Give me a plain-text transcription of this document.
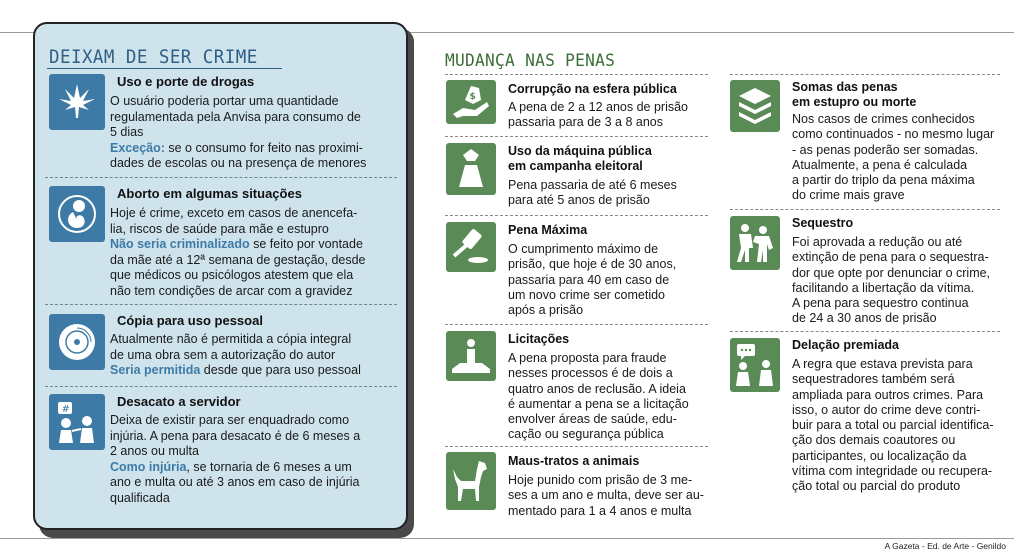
DEIXAM DE SER CRIME
Uso e porte de drogas
O usuário poderia portar uma quantidade
regulamentada pela Anvisa para consumo de
5 dias
Exceção: se o consumo for feito nas proximi-
dades de escolas ou na presença de menores
Aborto em algumas situações
Hoje é crime, exceto em casos de anencefa-
lia, riscos de saúde para mãe e estupro
Não seria criminalizado se feito por vontade
da mãe até a 12ª semana de gestação, desde
que médicos ou psicólogos atestem que ela
não tem condições de arcar com a gravidez
Cópia para uso pessoal
Atualmente não é permitida a cópia integral
de uma obra sem a autorização do autor
Seria permitida desde que para uso pessoal
#
Desacato a servidor
Deixa de existir para ser enquadrado como
injúria. A pena para desacato é de 6 meses a
2 anos ou multa
Como injúria, se tornaria de 6 meses a um
ano e multa ou até 3 anos em caso de injúria
qualificada
MUDANÇA NAS PENAS
$
Corrupção na esfera pública
A pena de 2 a 12 anos de prisão
passaria para de 3 a 8 anos
Uso da máquina pública
em campanha eleitoral
Pena passaria de até 6 meses
para até 5 anos de prisão
Pena Máxima
O cumprimento máximo de
prisão, que hoje é de 30 anos,
passaria para 40 em caso de
um novo crime ser cometido
após a prisão
Licitações
A pena proposta para fraude
nesses processos é de dois a
quatro anos de reclusão. A ideia
é aumentar a pena se a licitação
envolver áreas de saúde, edu-
cação ou segurança pública
Maus-tratos a animais
Hoje punido com prisão de 3 me-
ses a um ano e multa, deve ser au-
mentado para 1 a 4 anos e multa
Somas das penas
em estupro ou morte
Nos casos de crimes conhecidos
como continuados - no mesmo lugar
- as penas poderão ser somadas.
Atualmente, a pena é calculada
a partir do triplo da pena máxima
do crime mais grave
Sequestro
Foi aprovada a redução ou até
extinção de pena para o sequestra-
dor que opte por denunciar o crime,
facilitando a libertação da vítima.
A pena para sequestro continua
de 24 a 30 anos de prisão
Delação premiada
A regra que estava prevista para
sequestradores também será
ampliada para outros crimes. Para
isso, o autor do crime deve contri-
buir para a total ou parcial identifica-
ção dos demais coautores ou
participantes, ou localização da
vítima com integridade ou recupera-
ção total ou parcial do produto
A Gazeta - Ed. de Arte - Genildo
